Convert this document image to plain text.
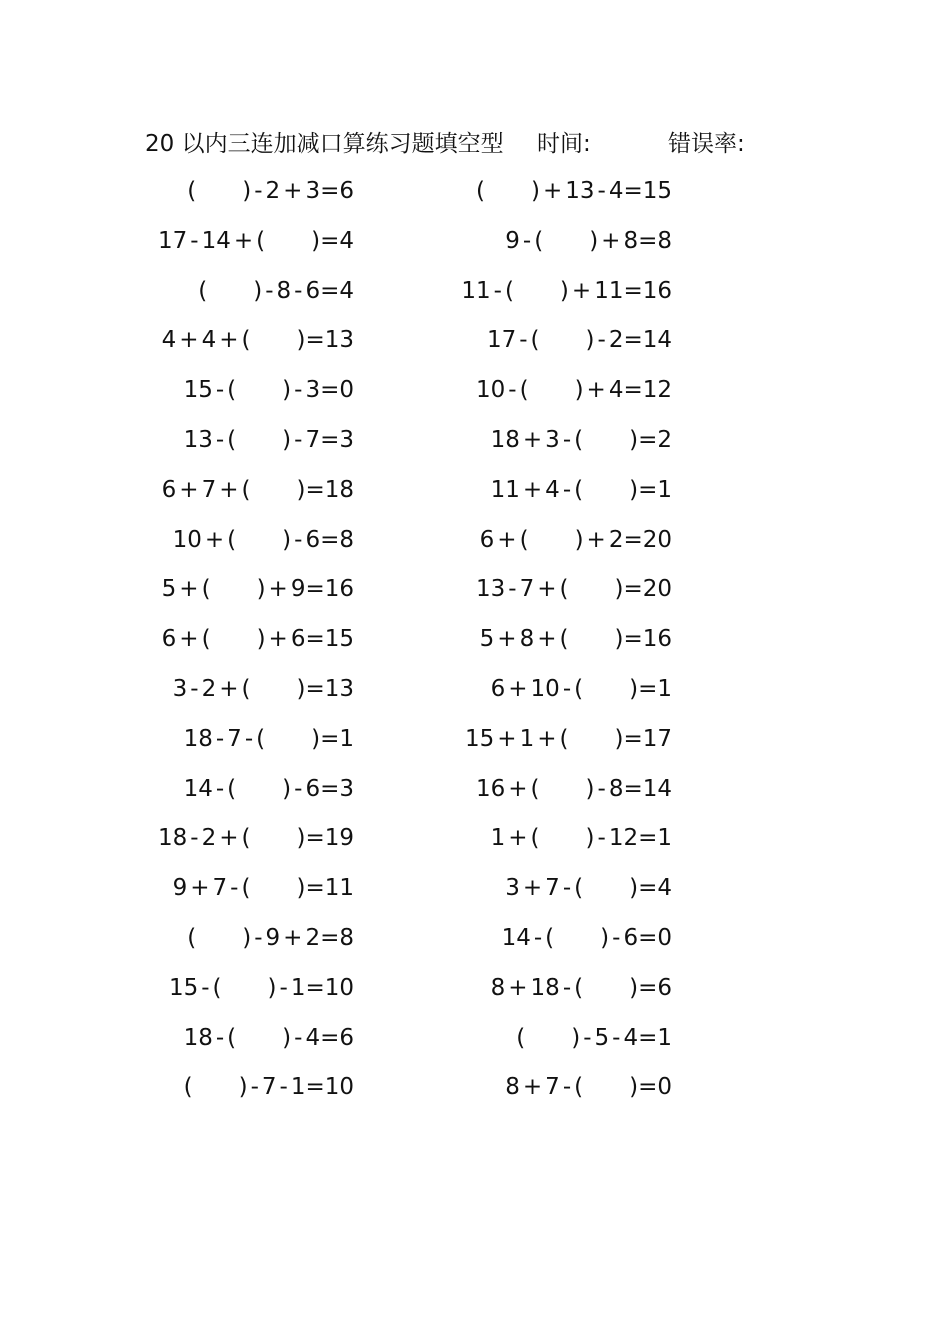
20 以内三连加减口算练习题填空型 时间:	错误率:
( ) - 2 + 3=6	( ) + 13 - 4=15
17 - 14 + ( )=4	9 - ( ) + 8=8
( ) - 8 - 6=4	11 - ( ) + 11=16
4 + 4 + ( )=13	17 - ( ) - 2=14
15 - ( ) - 3=0	10 - ( ) + 4=12
13 - ( ) - 7=3	18 + 3 - ( )=2
6 + 7 + ( )=18	11 + 4 - ( )=1
10 + ( ) - 6=8	6 + ( ) + 2=20
5 + ( ) + 9=16	13 - 7 + ( )=20
6 + ( ) + 6=15	5 + 8 + ( )=16
3 - 2 + ( )=13	6 + 10 - ( )=1
18 - 7 - ( )=1	15 + 1 + ( )=17
14 - ( ) - 6=3	16 + ( ) - 8=14
18 - 2 + ( )=19	1 + ( ) - 12=1
9 + 7 - ( )=11	3 + 7 - ( )=4
( ) - 9 + 2=8	14 - ( ) - 6=0
15 - ( ) - 1=10	8 + 18 - ( )=6
18 - ( ) - 4=6	( ) - 5 - 4=1
( ) - 7 - 1=10	8 + 7 - ( )=0
